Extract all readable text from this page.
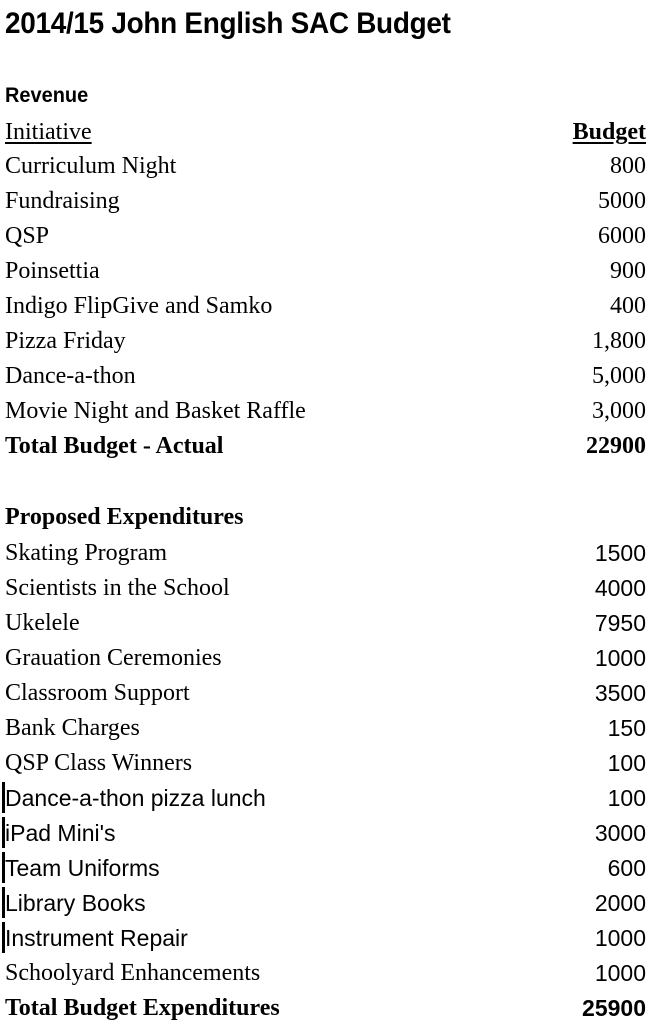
2014/15 John English SAC Budget
Revenue
Initiative	Budget
Curriculum Night	800
Fundraising	5000
QSP	6000
Poinsettia	900
Indigo FlipGive and Samko	400
Pizza Friday	1,800
Dance-a-thon	5,000
Movie Night and Basket Raffle	3,000
Total Budget - Actual	22900
Proposed Expenditures
Skating Program	1500
Scientists in the School	4000
Ukelele	7950
Grauation Ceremonies	1000
Classroom Support	3500
Bank Charges	150
QSP Class Winners	100
Dance-a-thon pizza lunch	100
iPad Mini's	3000
Team Uniforms	600
Library Books	2000
Instrument Repair	1000
Schoolyard Enhancements	1000
Total Budget Expenditures	25900
